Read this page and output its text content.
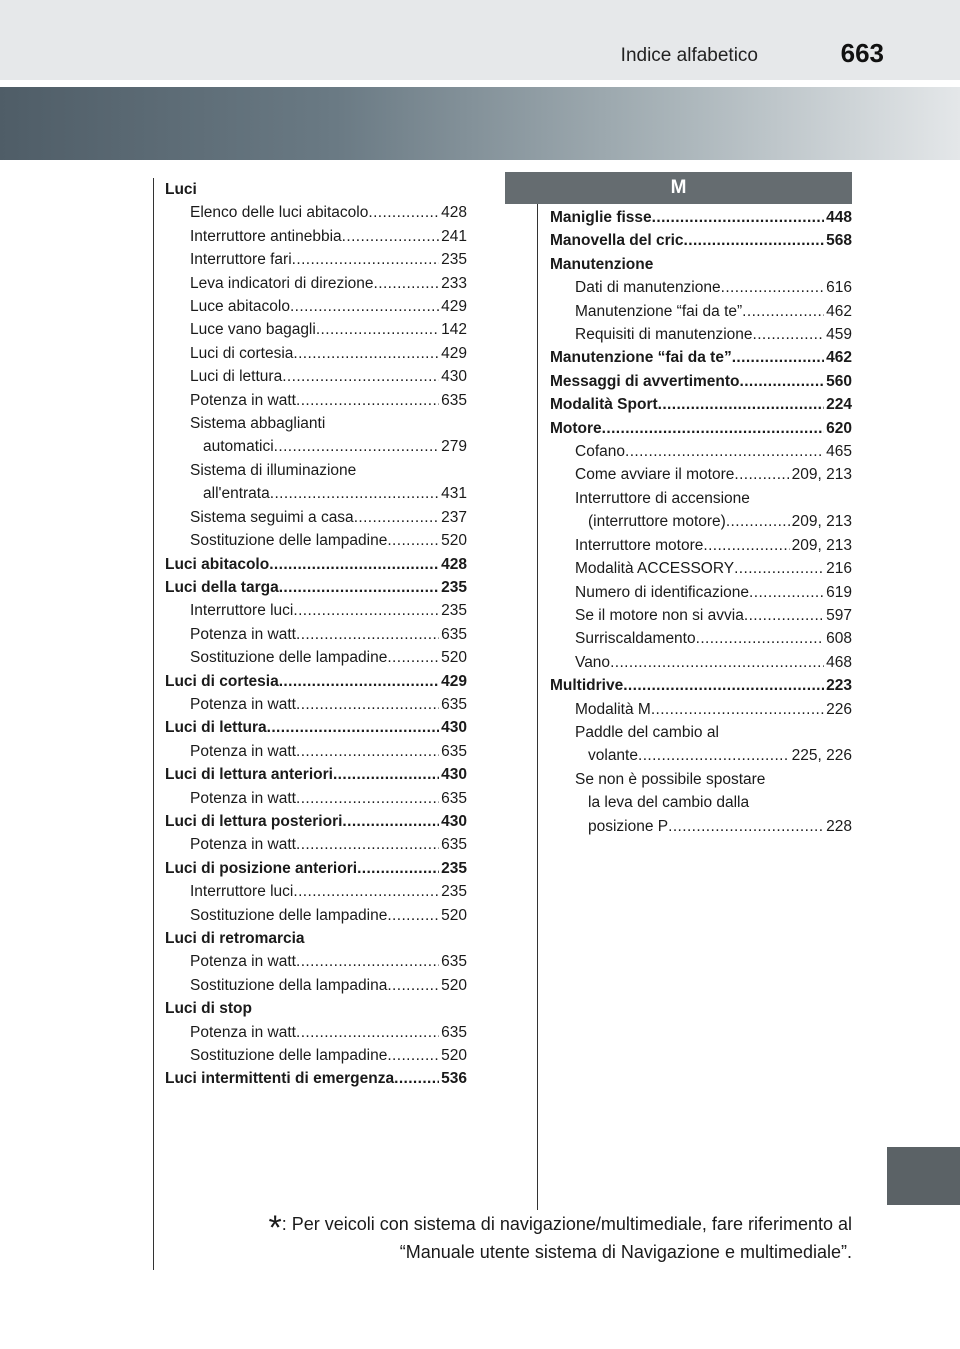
Indice alfabetico	663
M
Luci
Elenco delle luci abitacolo .....	428
Interruttore antinebbia .....	241
Interruttore fari .....	235
Leva indicatori di direzione .....	233
Luce abitacolo .....	429
Luce vano bagagli .....	142
Luci di cortesia .....	429
Luci di lettura .....	430
Potenza in watt .....	635
Sistema abbaglianti
automatici .....	279
Sistema di illuminazione
all'entrata .....	431
Sistema seguimi a casa .....	237
Sostituzione delle lampadine .....	520
Luci abitacolo .....	428
Luci della targa .....	235
Interruttore luci .....	235
Potenza in watt .....	635
Sostituzione delle lampadine .....	520
Luci di cortesia .....	429
Potenza in watt .....	635
Luci di lettura .....	430
Potenza in watt .....	635
Luci di lettura anteriori .....	430
Potenza in watt .....	635
Luci di lettura posteriori .....	430
Potenza in watt .....	635
Luci di posizione anteriori .....	235
Interruttore luci .....	235
Sostituzione delle lampadine .....	520
Luci di retromarcia
Potenza in watt .....	635
Sostituzione della lampadina .....	520
Luci di stop
Potenza in watt .....	635
Sostituzione delle lampadine .....	520
Luci intermittenti di emergenza .....	536
Maniglie fisse .....	448
Manovella del cric .....	568
Manutenzione
Dati di manutenzione .....	616
Manutenzione “fai da te” .....	462
Requisiti di manutenzione .....	459
Manutenzione “fai da te” .....	462
Messaggi di avvertimento .....	560
Modalità Sport .....	224
Motore .....	620
Cofano .....	465
Come avviare il motore .....	209, 213
Interruttore di accensione
(interruttore motore) .....	209, 213
Interruttore motore .....	209, 213
Modalità ACCESSORY .....	216
Numero di identificazione .....	619
Se il motore non si avvia .....	597
Surriscaldamento .....	608
Vano .....	468
Multidrive .....	223
Modalità M .....	226
Paddle del cambio al
volante .....	225, 226
Se non è possibile spostare
la leva del cambio dalla
posizione P .....	228
*: Per veicoli con sistema di navigazione/multimediale, fare riferimento al
“Manuale utente sistema di Navigazione e multimediale”.
